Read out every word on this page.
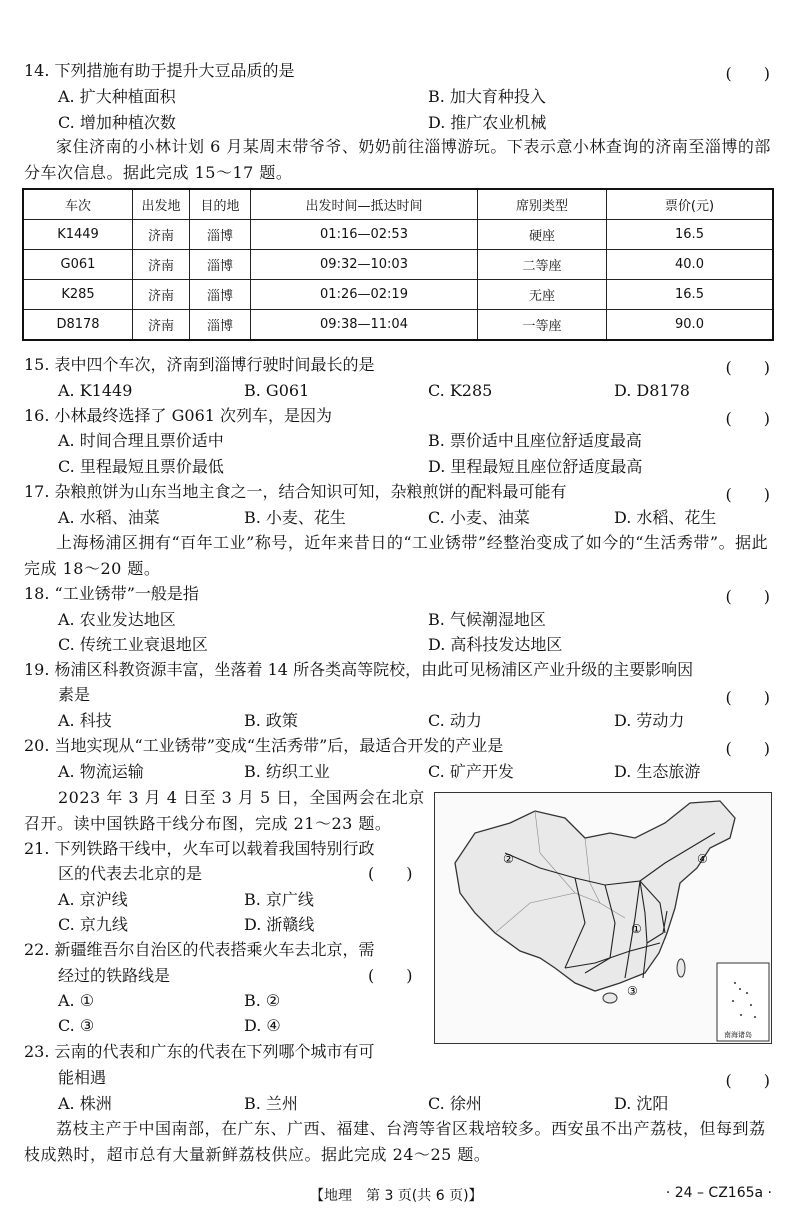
14. 下列措施有助于提升大豆品质的是	(　　)
A. 扩大种植面积	B. 加大育种投入
C. 增加种植次数	D. 推广农业机械
家住济南的小林计划 6 月某周末带爷爷、奶奶前往淄博游玩。下表示意小林查询的济南至淄博的部分车次信息。据此完成 15～17 题。
车次	出发地	目的地	出发时间—抵达时间	席别类型	票价(元)
K1449	济南	淄博	01:16—02:53	硬座	16.5
G061	济南	淄博	09:32—10:03	二等座	40.0
K285	济南	淄博	01:26—02:19	无座	16.5
D8178	济南	淄博	09:38—11:04	一等座	90.0
15. 表中四个车次，济南到淄博行驶时间最长的是	(　　)
A. K1449	B. G061	C. K285	D. D8178
16. 小林最终选择了 G061 次列车，是因为	(　　)
A. 时间合理且票价适中	B. 票价适中且座位舒适度最高
C. 里程最短且票价最低	D. 里程最短且座位舒适度最高
17. 杂粮煎饼为山东当地主食之一，结合知识可知，杂粮煎饼的配料最可能有	(　　)
A. 水稻、油菜	B. 小麦、花生	C. 小麦、油菜	D. 水稻、花生
上海杨浦区拥有“百年工业”称号，近年来昔日的“工业锈带”经整治变成了如今的“生活秀带”。据此完成 18～20 题。
18. “工业锈带”一般是指	(　　)
A. 农业发达地区	B. 气候潮湿地区
C. 传统工业衰退地区	D. 高科技发达地区
19. 杨浦区科教资源丰富，坐落着 14 所各类高等院校，由此可见杨浦区产业升级的主要影响因
素是	(　　)
A. 科技	B. 政策	C. 动力	D. 劳动力
20. 当地实现从“工业锈带”变成“生活秀带”后，最适合开发的产业是	(　　)
A. 物流运输	B. 纺织工业	C. 矿产开发	D. 生态旅游
2023 年 3 月 4 日至 3 月 5 日，全国两会在北京
召开。读中国铁路干线分布图，完成 21～23 题。
21. 下列铁路干线中，火车可以载着我国特别行政
区的代表去北京的是	(　　)
A. 京沪线	B. 京广线
C. 京九线	D. 浙赣线
22. 新疆维吾尔自治区的代表搭乘火车去北京，需
经过的铁路线是	(　　)
A. ①	B. ②
C. ③	D. ④
②	④
①
③
南海诸岛
23. 云南的代表和广东的代表在下列哪个城市有可
能相遇	(　　)
A. 株洲	B. 兰州	C. 徐州	D. 沈阳
荔枝主产于中国南部，在广东、广西、福建、台湾等省区栽培较多。西安虽不出产荔枝，但每到荔枝成熟时，超市总有大量新鲜荔枝供应。据此完成 24～25 题。
【地理　第 3 页(共 6 页)】	· 24 – CZ165a ·
